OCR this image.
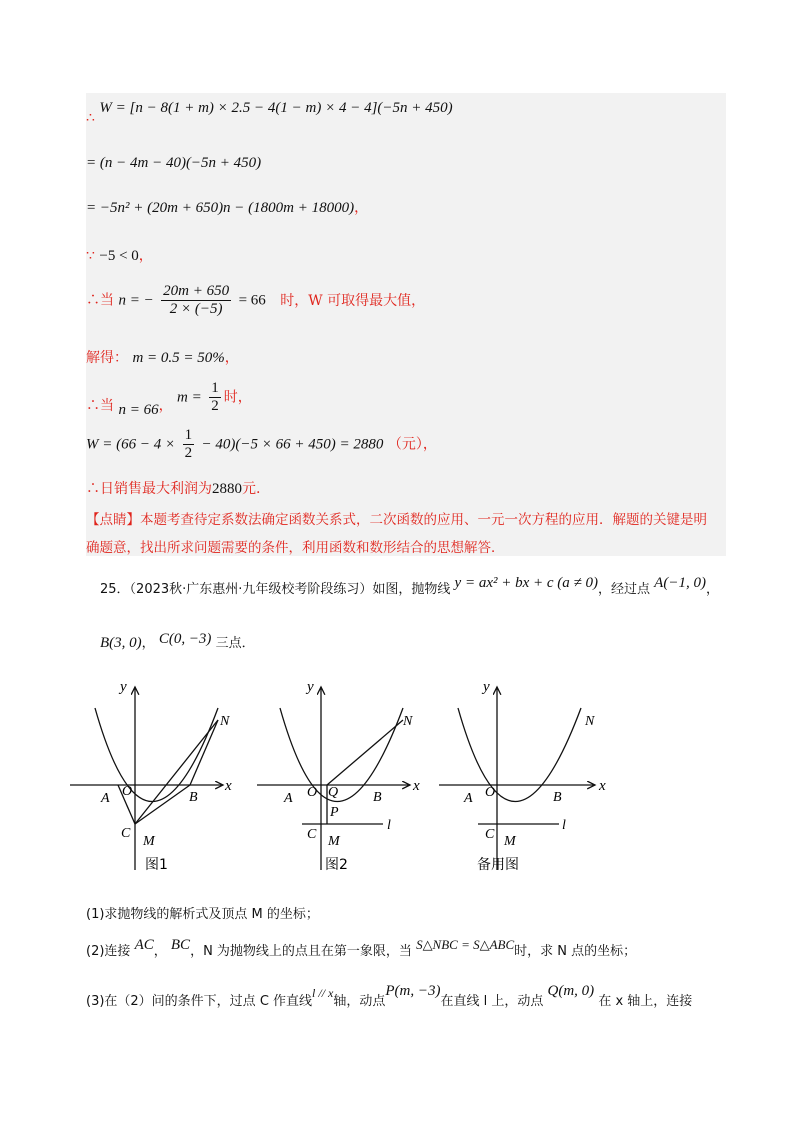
∴ W = [n − 8(1 + m) × 2.5 − 4(1 − m) × 4 − 4](−5n + 450)
= (n − 4m − 40)(−5n + 450)
= −5n² + (20m + 650)n − (1800m + 18000)，
∵ −5 < 0，
∴当 n = − $\frac{20m + 650}{2 \times (-5)} = 66$ 时，W 可取得最大值，
解得： m = 0.5 = 50%，
∴当 n = 66， $m = \frac{1}{2}$ 时，
$W = (66 - 4 \times \frac{1}{2} - 40)(-5 \times 66 + 450) = 2880$ （元），
∴日销售最大利润为2880元.
【点睛】本题考查待定系数法确定函数关系式，二次函数的应用、一元一次方程的应用．解题的关键是明
确题意，找出所求问题需要的条件，利用函数和数形结合的思想解答．
25．（2023秋·广东惠州·九年级校考阶段练习）如图，抛物线 y = ax² + bx + c (a ≠ 0)，经过点 A(−1, 0)，
B(3, 0)， C(0, −3) 三点．
x
y
A O	B
C
M
N
图1
x
y
A O Q
P
B
C M
l
N
图2
x
y
A O	B
C M
l
N
备用图
(1)求抛物线的解析式及顶点 M 的坐标；
(2)连接 AC， BC，N 为抛物线上的点且在第一象限，当 S△NBC = S△ABC时，求 N 点的坐标；
(3)在（2）问的条件下，过点 C 作直线l // x轴，动点P(m, −3)在直线 l 上，动点 Q(m, 0) 在 x 轴上，连接
